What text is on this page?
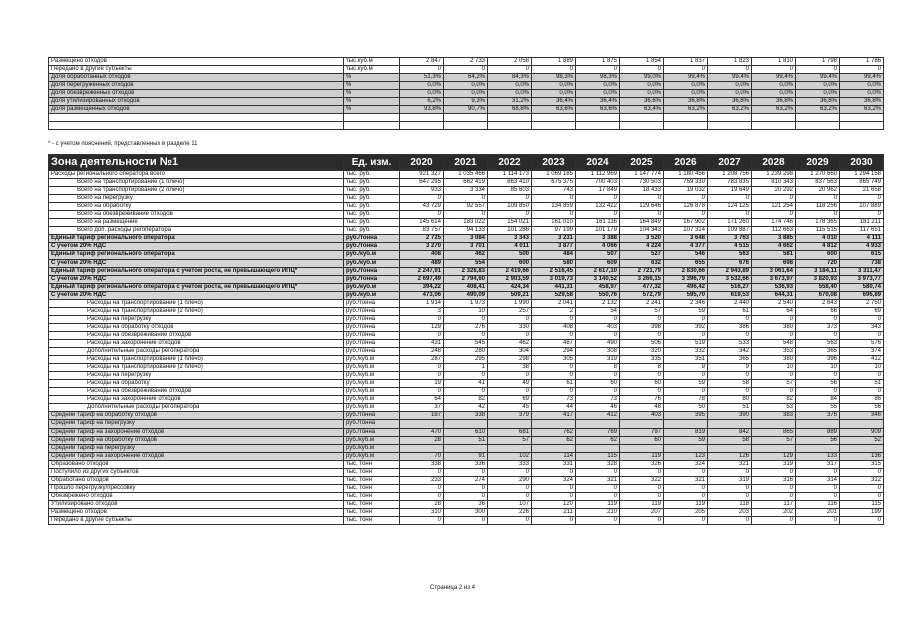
Размещено отходов	тыс.куб.м	2 847	2 733	2 058	1 889	1 875	1 854	1 837	1 823	1 810	1 798	1 786
Передано в другие субъекты	тыс.куб.м	0	0	0	0	0	0	0	0	0	0	0
Доля обработанных отходов	%	51,3%	64,2%	84,3%	98,3%	98,3%	99,0%	99,4%	99,4%	99,4%	99,4%	99,4%
Доля перегруженных отходов	%	0,0%	0,0%	0,0%	0,0%	0,0%	0,0%	0,0%	0,0%	0,0%	0,0%	0,0%
Доля обезвреженных отходов	%	0,0%	0,0%	0,0%	0,0%	0,0%	0,0%	0,0%	0,0%	0,0%	0,0%	0,0%
Доля утилизированных отходов	%	6,2%	9,3%	31,2%	36,4%	36,4%	36,6%	36,8%	36,8%	36,8%	36,8%	36,8%
Доля размещенных отходов	%	93,8%	90,7%	68,8%	63,6%	63,6%	63,4%	63,2%	63,2%	63,2%	63,2%	63,2%

* - с учетом пояснений, представленных в разделе 11
Зона деятельности №1	Ед. изм.	2020	2021	2022	2023	2024	2025	2026	2027	2028	2029	2030
Расходы регионального оператора всего	тыс. руб.	921 327	1 035 466	1 114 173	1 069 185	1 112 969	1 147 774	1 180 456	1 208 756	1 239 298	1 270 660	1 294 158
Всего на транспортирование (1 плечо)	тыс. руб.	647 295	662 419	663 410	675 375	700 403	730 503	759 330	783 835	810 343	837 563	865 749
Всего на транспортирование (2 плечо)	тыс. руб.	933	3 334	85 603	743	17 849	18 433	19 032	19 649	20 292	20 962	21 658
Всего на перегрузку	тыс. руб.	0	0	0	0	0	0	0	0	0	0	0
Всего на обработку	тыс. руб.	43 729	92 557	109 850	134 859	132 422	129 646	126 878	124 125	121 254	118 256	107 889
Всего на обезвреживание отходов	тыс. руб.	0	0	0	0	0	0	0	0	0	0	0
Всего на размещение	тыс. руб.	145 614	183 022	154 021	161 010	161 116	164 849	167 902	171 260	174 746	178 365	181 211
Всего доп. расходы регоператора	тыс. руб.	83 757	94 133	101 288	97 199	101 179	104 343	107 314	109 887	112 663	115 515	117 651
Единый тариф регионального оператора	руб./тонна	2 725	3 084	3 343	3 231	3 388	3 520	3 648	3 763	3 885	4 010	4 111
С учетом 20% НДС	руб./тонна	3 270	3 701	4 011	3 877	4 066	4 224	4 377	4 515	4 662	4 812	4 933
Единый тариф регионального оператора	руб./куб.м	408	462	500	484	507	527	546	563	581	600	615
С учетом 20% НДС	руб./куб.м	489	554	600	580	609	632	655	676	698	720	738
Единый тариф регионального оператора с учетом роста, не превышающего ИПЦ*	руб./тонна	2 247,91	2 328,83	2 419,66	2 516,45	2 617,10	2 721,79	2 830,66	2 943,89	3 061,64	3 184,11	3 311,47
С учетом 20% НДС	руб./тонна	2 697,49	2 794,60	2 903,59	3 019,73	3 140,52	3 266,15	3 396,79	3 532,66	3 673,97	3 820,93	3 973,77
Единый тариф регионального оператора с учетом роста, не превышающего ИПЦ*	руб./куб.м	394,22	408,41	424,34	441,31	458,97	477,32	496,42	516,27	536,93	558,40	580,74
С учетом 20% НДС	руб./куб.м	473,06	490,09	509,21	529,58	550,76	572,79	595,70	619,53	644,31	670,08	696,89
Расходы на транспортирование (1 плечо)	руб./тонна	1 914	1 973	1 990	2 041	2 132	2 241	2 346	2 440	2 540	2 643	2 750
Расходы на транспортирование (2 плечо)	руб./тонна	3	10	257	2	54	57	59	61	64	66	69
Расходы на перегрузку	руб./тонна	0	0	0	0	0	0	0	0	0	0	0
Расходы на обработку отходов	руб./тонна	129	276	330	408	403	398	392	386	380	373	343
Расходы на обезвреживание отходов	руб./тонна	0	0	0	0	0	0	0	0	0	0	0
Расходы на захоронение отходов	руб./тонна	431	545	462	487	490	506	519	533	548	563	576
Дополнительные расходы регоператора	руб./тонна	248	280	304	294	308	320	332	342	353	365	374
Расходы на транспортирование (1 плечо)	руб./куб.м	287	295	298	305	319	335	351	365	380	396	412
Расходы на транспортирование (2 плечо)	руб./куб.м	0	1	38	0	8	8	9	9	10	10	10
Расходы на перегрузку	руб./куб.м	0	0	0	0	0	0	0	0	0	0	0
Расходы на обработку	руб./куб.м	19	41	49	61	60	60	59	58	57	56	51
Расходы на обезвреживание отходов	руб./куб.м	0	0	0	0	0	0	0	0	0	0	0
Расходы на захоронение отходов	руб./куб.м	64	82	69	73	73	76	78	80	82	84	86
Дополнительные расходы регоператора	руб./куб.м	37	42	45	44	46	48	50	51	53	55	56
Средний тариф на обработку отходов	руб./тонна	187	338	379	417	412	403	395	390	383	376	346
Средний тариф на перегрузку	руб./тонна											
Средний тариф на захоронение отходов	руб./тонна	470	610	681	762	769	797	819	842	865	889	909
Средний тариф на обработку отходов	руб./куб.м	28	51	57	62	62	60	59	58	57	56	52
Средний тариф на перегрузку	руб./куб.м											
Средний тариф на захоронение отходов	руб./куб.м	70	91	102	114	115	119	123	126	129	133	136
Образовано отходов	тыс. тонн	338	336	333	331	328	326	324	321	319	317	315
Поступило из других субъектов	тыс. тонн	0	0	0	0	0	0	0	0	0	0	0
Обработано отходов	тыс. тонн	233	274	290	324	321	322	321	319	316	314	312
Прошло перегрузку/прессовку	тыс. тонн	0	0	0	0	0	0	0	0	0	0	0
Обезврежено отходов	тыс. тонн	0	0	0	0	0	0	0	0	0	0	0
Утилизировано отходов	тыс. тонн	28	36	107	120	119	119	119	118	117	116	115
Размещено отходов	тыс. тонн	310	300	226	211	210	207	205	203	202	201	199
Передано в другие субъекты	тыс. тонн	0	0	0	0	0	0	0	0	0	0	0
Страница 2 из 4
